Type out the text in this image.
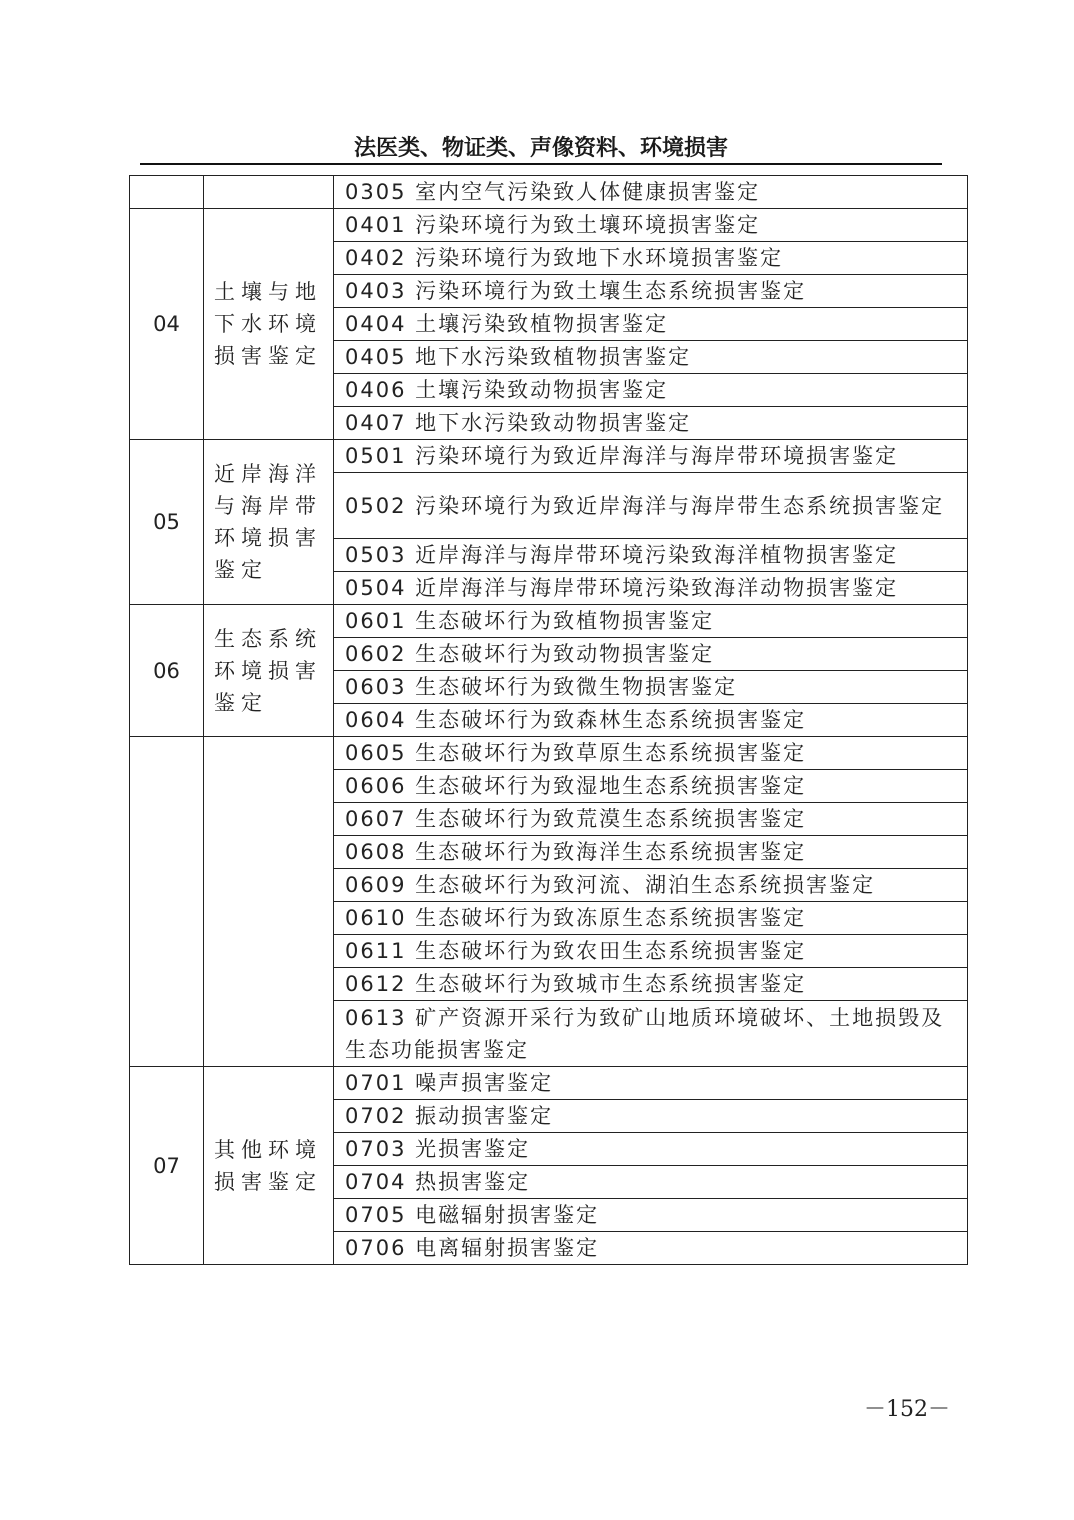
法医类、物证类、声像资料、环境损害
		0305 室内空气污染致人体健康损害鉴定
04	土壤与地下水环境损害鉴定	0401 污染环境行为致土壤环境损害鉴定
		0402 污染环境行为致地下水环境损害鉴定
		0403 污染环境行为致土壤生态系统损害鉴定
		0404 土壤污染致植物损害鉴定
		0405 地下水污染致植物损害鉴定
		0406 土壤污染致动物损害鉴定
		0407 地下水污染致动物损害鉴定
05	近岸海洋与海岸带环境损害鉴定	0501 污染环境行为致近岸海洋与海岸带环境损害鉴定
		0502 污染环境行为致近岸海洋与海岸带生态系统损害鉴定
		0503 近岸海洋与海岸带环境污染致海洋植物损害鉴定
		0504 近岸海洋与海岸带环境污染致海洋动物损害鉴定
06	生态系统环境损害鉴定	0601 生态破坏行为致植物损害鉴定
		0602 生态破坏行为致动物损害鉴定
		0603 生态破坏行为致微生物损害鉴定
		0604 生态破坏行为致森林生态系统损害鉴定
		0605 生态破坏行为致草原生态系统损害鉴定
		0606 生态破坏行为致湿地生态系统损害鉴定
		0607 生态破坏行为致荒漠生态系统损害鉴定
		0608 生态破坏行为致海洋生态系统损害鉴定
		0609 生态破坏行为致河流、湖泊生态系统损害鉴定
		0610 生态破坏行为致冻原生态系统损害鉴定
		0611 生态破坏行为致农田生态系统损害鉴定
		0612 生态破坏行为致城市生态系统损害鉴定
		0613 矿产资源开采行为致矿山地质环境破坏、土地损毁及生态功能损害鉴定
07	其他环境损害鉴定	0701 噪声损害鉴定
		0702 振动损害鉴定
		0703 光损害鉴定
		0704 热损害鉴定
		0705 电磁辐射损害鉴定
		0706 电离辐射损害鉴定
－152－
